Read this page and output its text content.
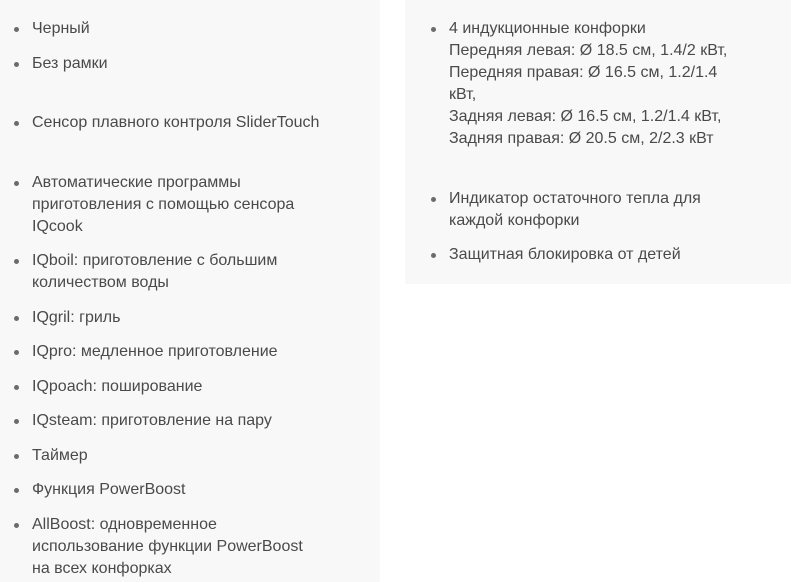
Черный
Без рамки
Сенсор плавного контроля SliderTouch
Автоматические программы
приготовления с помощью сенсора
IQcook
IQboil: приготовление с большим
количеством воды
IQgril: гриль
IQpro: медленное приготовление
IQpoach: поширование
IQsteam: приготовление на пару
Таймер
Функция PowerBoost
AllBoost: одновременное
использование функции PowerBoost
на всех конфорках
4 индукционные конфорки
Передняя левая: Ø 18.5 см, 1.4/2 кВт,
Передняя правая: Ø 16.5 см, 1.2/1.4
кВт,
Задняя левая: Ø 16.5 см, 1.2/1.4 кВт,
Задняя правая: Ø 20.5 см, 2/2.3 кВт
Индикатор остаточного тепла для
каждой конфорки
Защитная блокировка от детей
